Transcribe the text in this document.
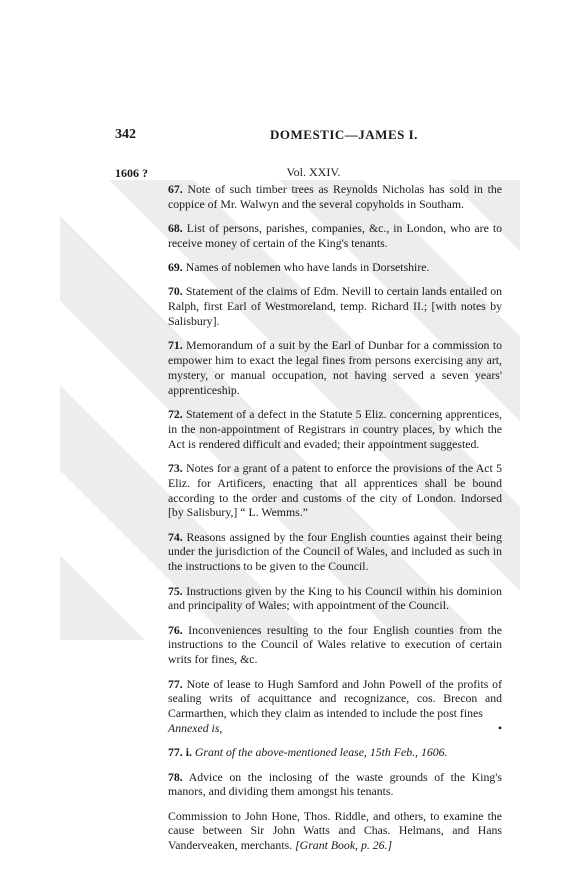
342	DOMESTIC—JAMES I.
1606 ?	Vol. XXIV.

67. Note of such timber trees as Reynolds Nicholas has sold in the coppice of Mr. Walwyn and the several copyholds in Southam.

68. List of persons, parishes, companies, &c., in London, who are to receive money of certain of the King's tenants.

69. Names of noblemen who have lands in Dorsetshire.

70. Statement of the claims of Edm. Nevill to certain lands entailed on Ralph, first Earl of Westmoreland, temp. Richard II.; [with notes by Salisbury].

71. Memorandum of a suit by the Earl of Dunbar for a commission to empower him to exact the legal fines from persons exercising any art, mystery, or manual occupation, not having served a seven years' apprenticeship.

72. Statement of a defect in the Statute 5 Eliz. concerning apprentices, in the non-appointment of Registrars in country places, by which the Act is rendered difficult and evaded; their appointment suggested.

73. Notes for a grant of a patent to enforce the provisions of the Act 5 Eliz. for Artificers, enacting that all apprentices shall be bound according to the order and customs of the city of London. Indorsed [by Salisbury,] “ L. Wemms.”

74. Reasons assigned by the four English counties against their being under the jurisdiction of the Council of Wales, and included as such in the instructions to be given to the Council.

75. Instructions given by the King to his Council within his dominion and principality of Wales; with appointment of the Council.

76. Inconveniences resulting to the four English counties from the instructions to the Council of Wales relative to execution of certain writs for fines, &c.

77. Note of lease to Hugh Samford and John Powell of the profits of sealing writs of acquittance and recognizance, cos. Brecon and Carmarthen, which they claim as intended to include the post fines
Annexed is,	•

77. i. Grant of the above-mentioned lease, 15th Feb., 1606.

78. Advice on the inclosing of the waste grounds of the King's manors, and dividing them amongst his tenants.

Commission to John Hone, Thos. Riddle, and others, to examine the cause between Sir John Watts and Chas. Helmans, and Hans Vanderveaken, merchants. [Grant Book, p. 26.]
